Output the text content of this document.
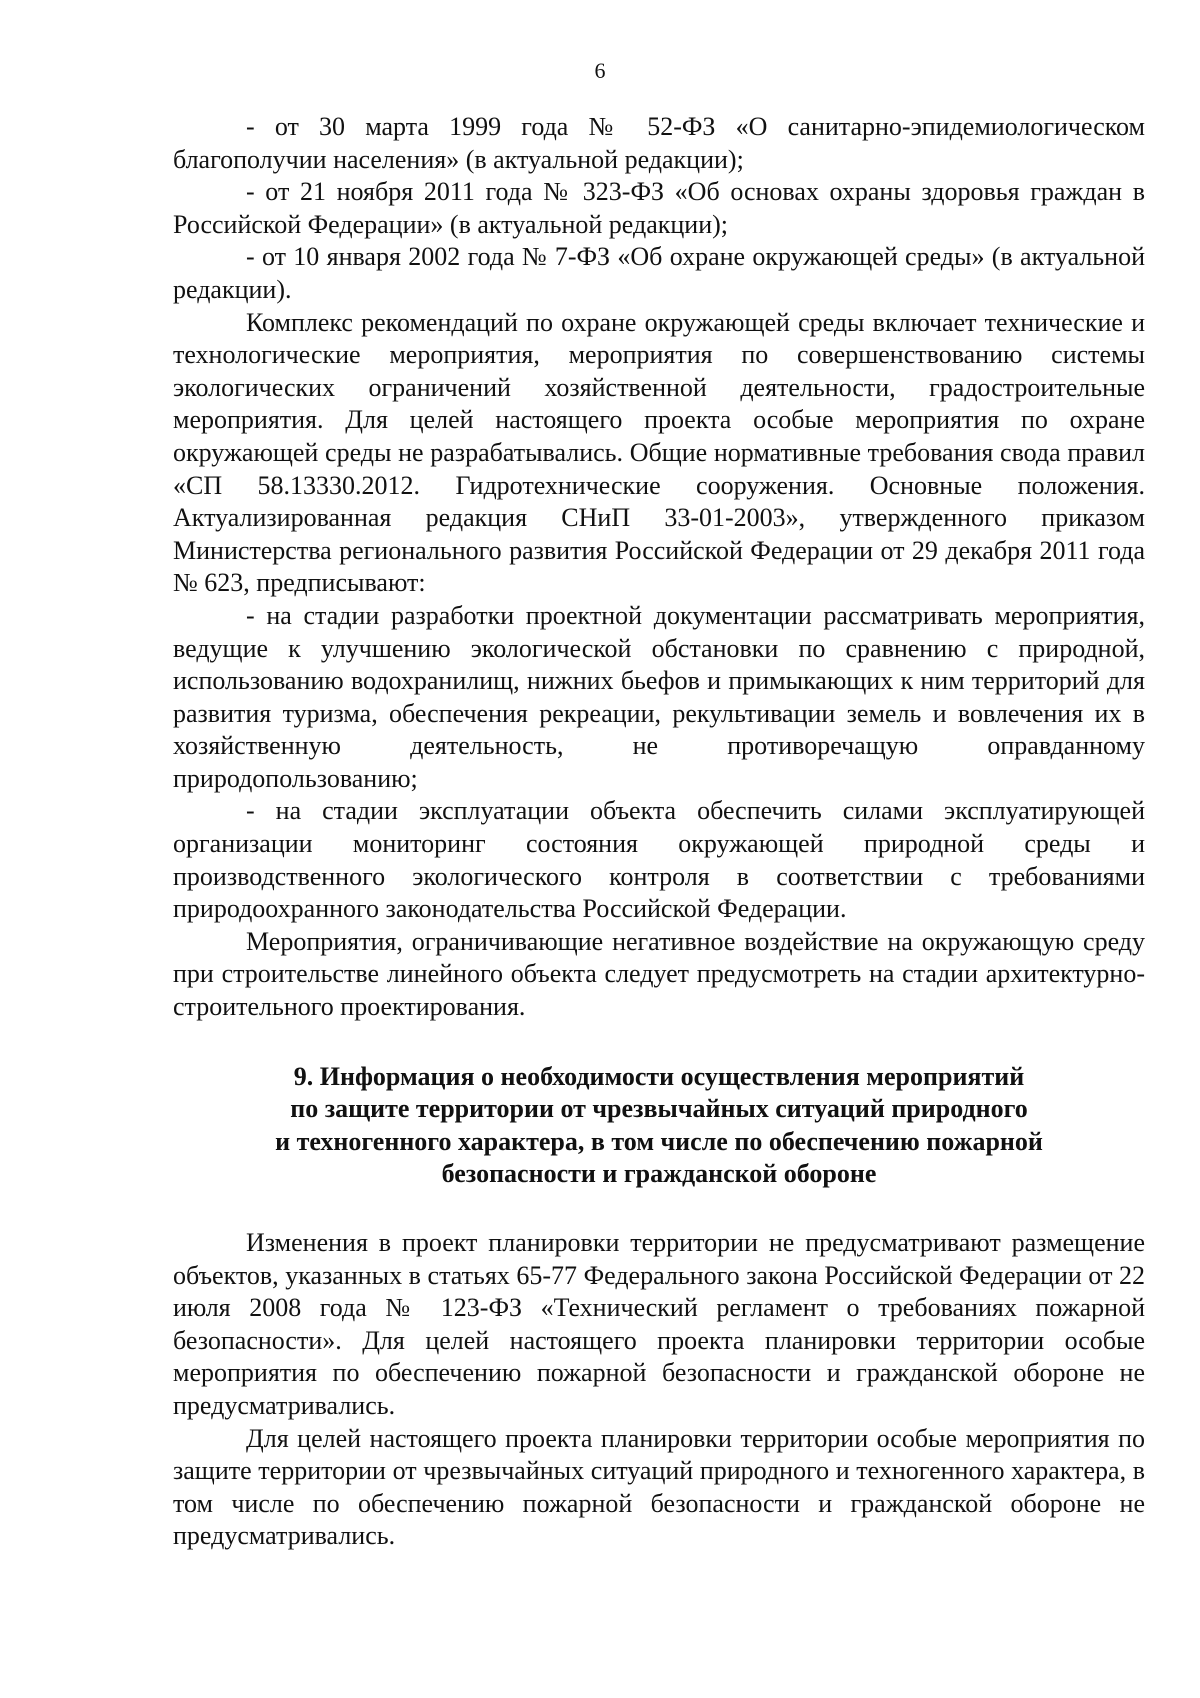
6

- от 30 марта 1999 года № 52-ФЗ «О санитарно-эпидемиологическом благополучии населения» (в актуальной редакции);

- от 21 ноября 2011 года № 323-ФЗ «Об основах охраны здоровья граждан в Российской Федерации» (в актуальной редакции);

- от 10 января 2002 года № 7-ФЗ «Об охране окружающей среды» (в актуальной редакции).

Комплекс рекомендаций по охране окружающей среды включает технические и технологические мероприятия, мероприятия по совершенствованию системы экологических ограничений хозяйственной деятельности, градостроительные мероприятия. Для целей настоящего проекта особые мероприятия по охране окружающей среды не разрабатывались. Общие нормативные требования свода правил «СП 58.13330.2012. Гидротехнические сооружения. Основные положения. Актуализированная редакция СНиП 33-01-2003», утвержденного приказом Министерства регионального развития Российской Федерации от 29 декабря 2011 года № 623, предписывают:

- на стадии разработки проектной документации рассматривать мероприятия, ведущие к улучшению экологической обстановки по сравнению с природной, использованию водохранилищ, нижних бьефов и примыкающих к ним территорий для развития туризма, обеспечения рекреации, рекультивации земель и вовлечения их в хозяйственную деятельность, не противоречащую оправданному природопользованию;

- на стадии эксплуатации объекта обеспечить силами эксплуатирующей организации мониторинг состояния окружающей природной среды и производственного экологического контроля в соответствии с требованиями природоохранного законодательства Российской Федерации.

Мероприятия, ограничивающие негативное воздействие на окружающую среду при строительстве линейного объекта следует предусмотреть на стадии архитектурно-строительного проектирования.

9. Информация о необходимости осуществления мероприятий
по защите территории от чрезвычайных ситуаций природного
и техногенного характера, в том числе по обеспечению пожарной
безопасности и гражданской обороне

Изменения в проект планировки территории не предусматривают размещение объектов, указанных в статьях 65-77 Федерального закона Российской Федерации от 22 июля 2008 года № 123-ФЗ «Технический регламент о требованиях пожарной безопасности». Для целей настоящего проекта планировки территории особые мероприятия по обеспечению пожарной безопасности и гражданской обороне не предусматривались.

Для целей настоящего проекта планировки территории особые мероприятия по защите территории от чрезвычайных ситуаций природного и техногенного характера, в том числе по обеспечению пожарной безопасности и гражданской обороне не предусматривались.
